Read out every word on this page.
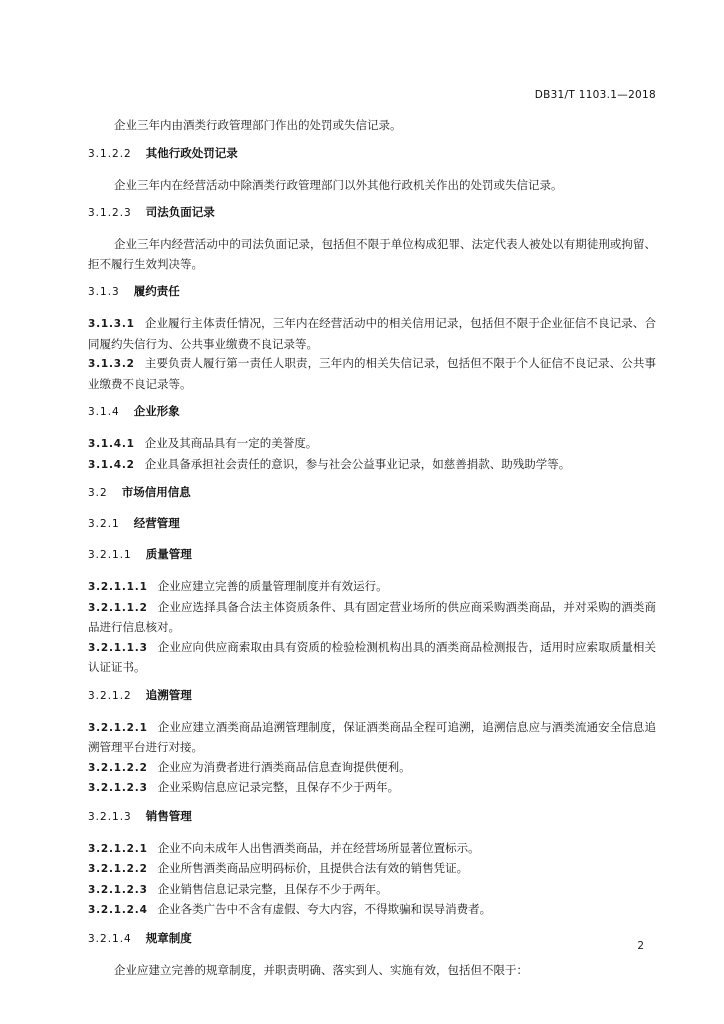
DB31/T 1103.1—2018

企业三年内由酒类行政管理部门作出的处罚或失信记录。

3.1.2.2 其他行政处罚记录

企业三年内在经营活动中除酒类行政管理部门以外其他行政机关作出的处罚或失信记录。

3.1.2.3 司法负面记录

企业三年内经营活动中的司法负面记录，包括但不限于单位构成犯罪、法定代表人被处以有期徒刑或拘留、拒不履行生效判决等。

3.1.3 履约责任

3.1.3.1 企业履行主体责任情况，三年内在经营活动中的相关信用记录，包括但不限于企业征信不良记录、合同履约失信行为、公共事业缴费不良记录等。

3.1.3.2 主要负责人履行第一责任人职责，三年内的相关失信记录，包括但不限于个人征信不良记录、公共事业缴费不良记录等。

3.1.4 企业形象

3.1.4.1 企业及其商品具有一定的美誉度。

3.1.4.2 企业具备承担社会责任的意识，参与社会公益事业记录，如慈善捐款、助残助学等。

3.2 市场信用信息
3.2.1 经营管理
3.2.1.1 质量管理

3.2.1.1.1 企业应建立完善的质量管理制度并有效运行。

3.2.1.1.2 企业应选择具备合法主体资质条件、具有固定营业场所的供应商采购酒类商品，并对采购的酒类商品进行信息核对。

3.2.1.1.3 企业应向供应商索取由具有资质的检验检测机构出具的酒类商品检测报告，适用时应索取质量相关认证证书。

3.2.1.2 追溯管理

3.2.1.2.1 企业应建立酒类商品追溯管理制度，保证酒类商品全程可追溯，追溯信息应与酒类流通安全信息追溯管理平台进行对接。

3.2.1.2.2 企业应为消费者进行酒类商品信息查询提供便利。

3.2.1.2.3 企业采购信息应记录完整，且保存不少于两年。

3.2.1.3 销售管理

3.2.1.2.1 企业不向未成年人出售酒类商品，并在经营场所显著位置标示。

3.2.1.2.2 企业所售酒类商品应明码标价，且提供合法有效的销售凭证。

3.2.1.2.3 企业销售信息记录完整，且保存不少于两年。

3.2.1.2.4 企业各类广告中不含有虚假、夸大内容，不得欺骗和误导消费者。

3.2.1.4 规章制度

企业应建立完善的规章制度，并职责明确、落实到人、实施有效，包括但不限于：

2
